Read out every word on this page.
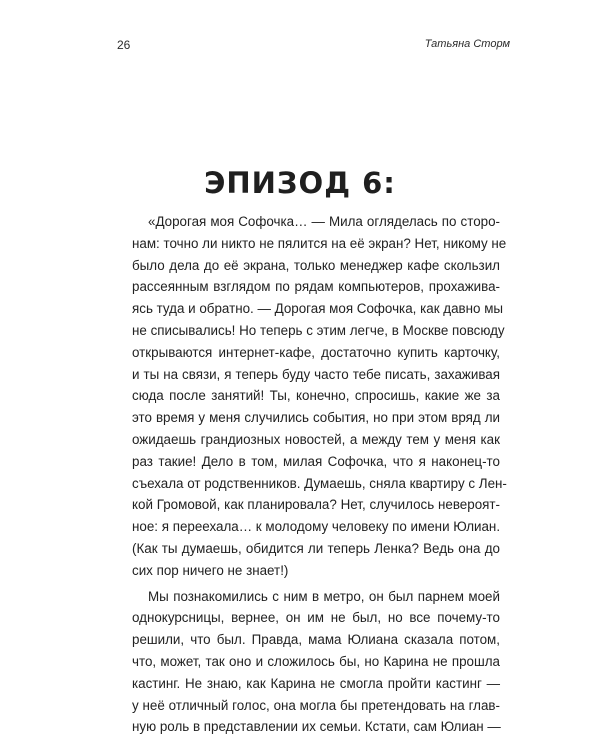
26	Татьяна Сторм
ЭПИЗОД 6:
«Дорогая моя Софочка… — Мила огляделась по сторо-
нам: точно ли никто не пялится на её экран? Нет, никому не
было дела до её экрана, только менеджер кафе скользил
рассеянным взглядом по рядам компьютеров, прохажива-
ясь туда и обратно. — Дорогая моя Софочка, как давно мы
не списывались! Но теперь с этим легче, в Москве повсюду
открываются интернет-кафе, достаточно купить карточку,
и ты на связи, я теперь буду часто тебе писать, захаживая
сюда после занятий! Ты, конечно, спросишь, какие же за
это время у меня случились события, но при этом вряд ли
ожидаешь грандиозных новостей, а между тем у меня как
раз такие! Дело в том, милая Софочка, что я наконец-то
съехала от родственников. Думаешь, сняла квартиру с Лен-
кой Громовой, как планировала? Нет, случилось невероят-
ное: я переехала… к молодому человеку по имени Юлиан.
(Как ты думаешь, обидится ли теперь Ленка? Ведь она до
сих пор ничего не знает!)
Мы познакомились с ним в метро, он был парнем моей
однокурсницы, вернее, он им не был, но все почему-то
решили, что был. Правда, мама Юлиана сказала потом,
что, может, так оно и сложилось бы, но Карина не прошла
кастинг. Не знаю, как Карина не смогла пройти кастинг —
у неё отличный голос, она могла бы претендовать на глав-
ную роль в представлении их семьи. Кстати, сам Юлиан —
